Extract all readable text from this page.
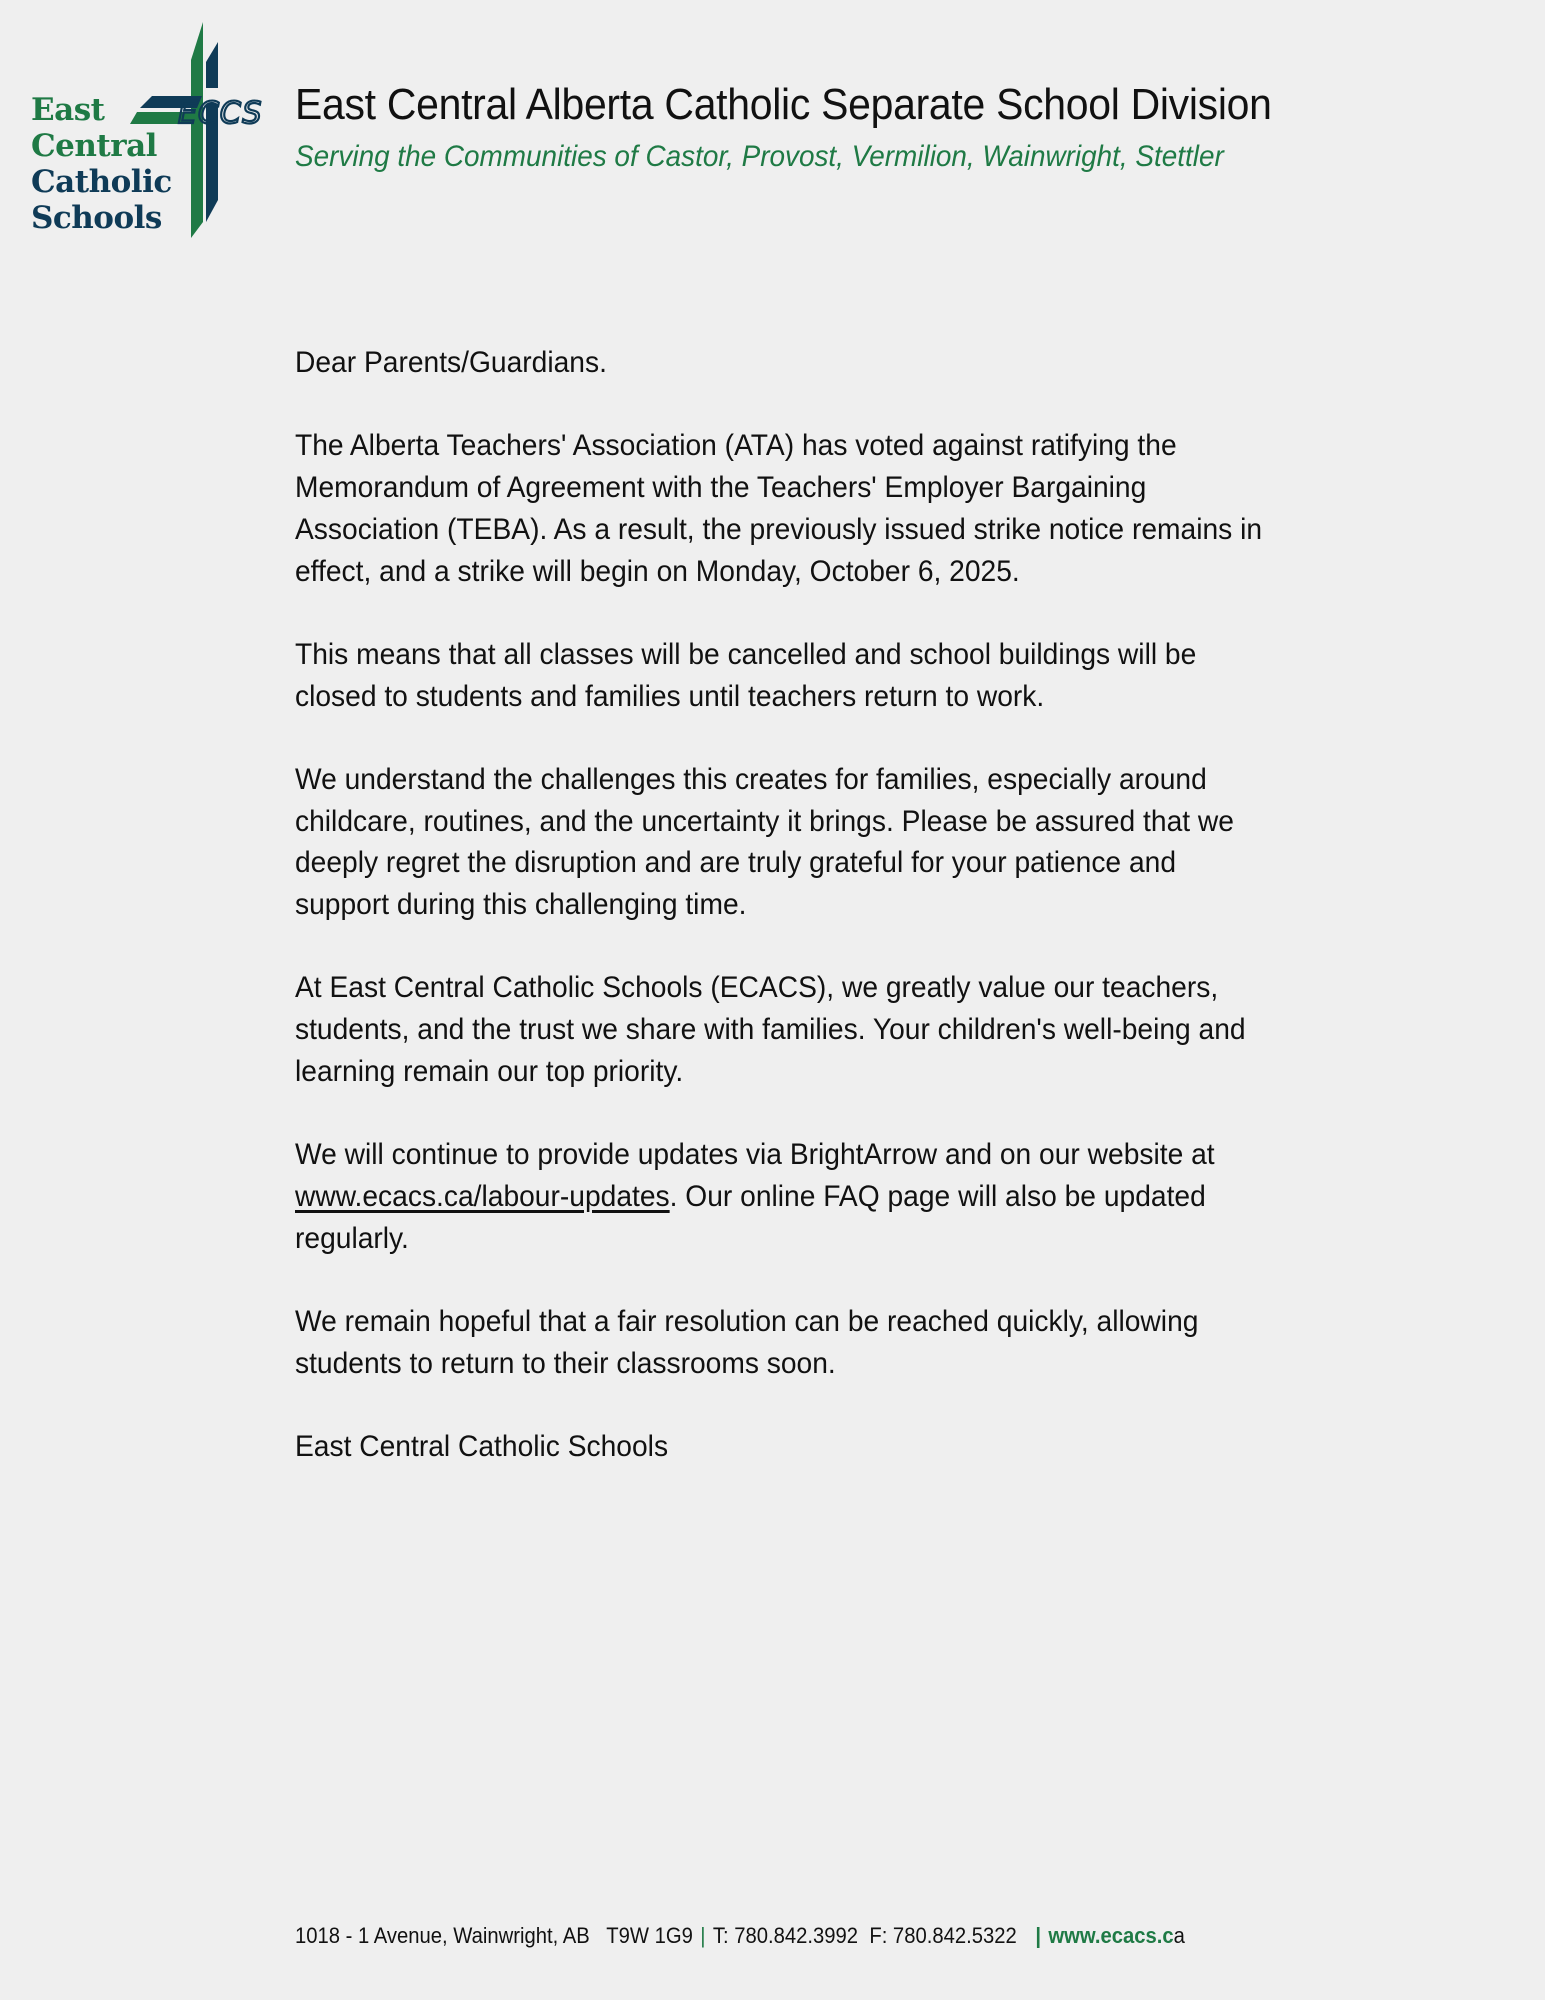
ECCS
East
Central
Catholic
Schools
East Central Alberta Catholic Separate School Division
Serving the Communities of Castor, Provost, Vermilion, Wainwright, Stettler

Dear Parents/Guardians.

The Alberta Teachers' Association (ATA) has voted against ratifying the
Memorandum of Agreement with the Teachers' Employer Bargaining
Association (TEBA). As a result, the previously issued strike notice remains in
effect, and a strike will begin on Monday, October 6, 2025.

This means that all classes will be cancelled and school buildings will be
closed to students and families until teachers return to work.

We understand the challenges this creates for families, especially around
childcare, routines, and the uncertainty it brings. Please be assured that we
deeply regret the disruption and are truly grateful for your patience and
support during this challenging time.

At East Central Catholic Schools (ECACS), we greatly value our teachers,
students, and the trust we share with families. Your children's well-being and
learning remain our top priority.

We will continue to provide updates via BrightArrow and on our website at
www.ecacs.ca/labour-updates. Our online FAQ page will also be updated
regularly.

We remain hopeful that a fair resolution can be reached quickly, allowing
students to return to their classrooms soon.

East Central Catholic Schools

1018 - 1 Avenue, Wainwright, AB   T9W 1G9 | T: 780.842.3992 F: 780.842.5322 | www.ecacs.ca
